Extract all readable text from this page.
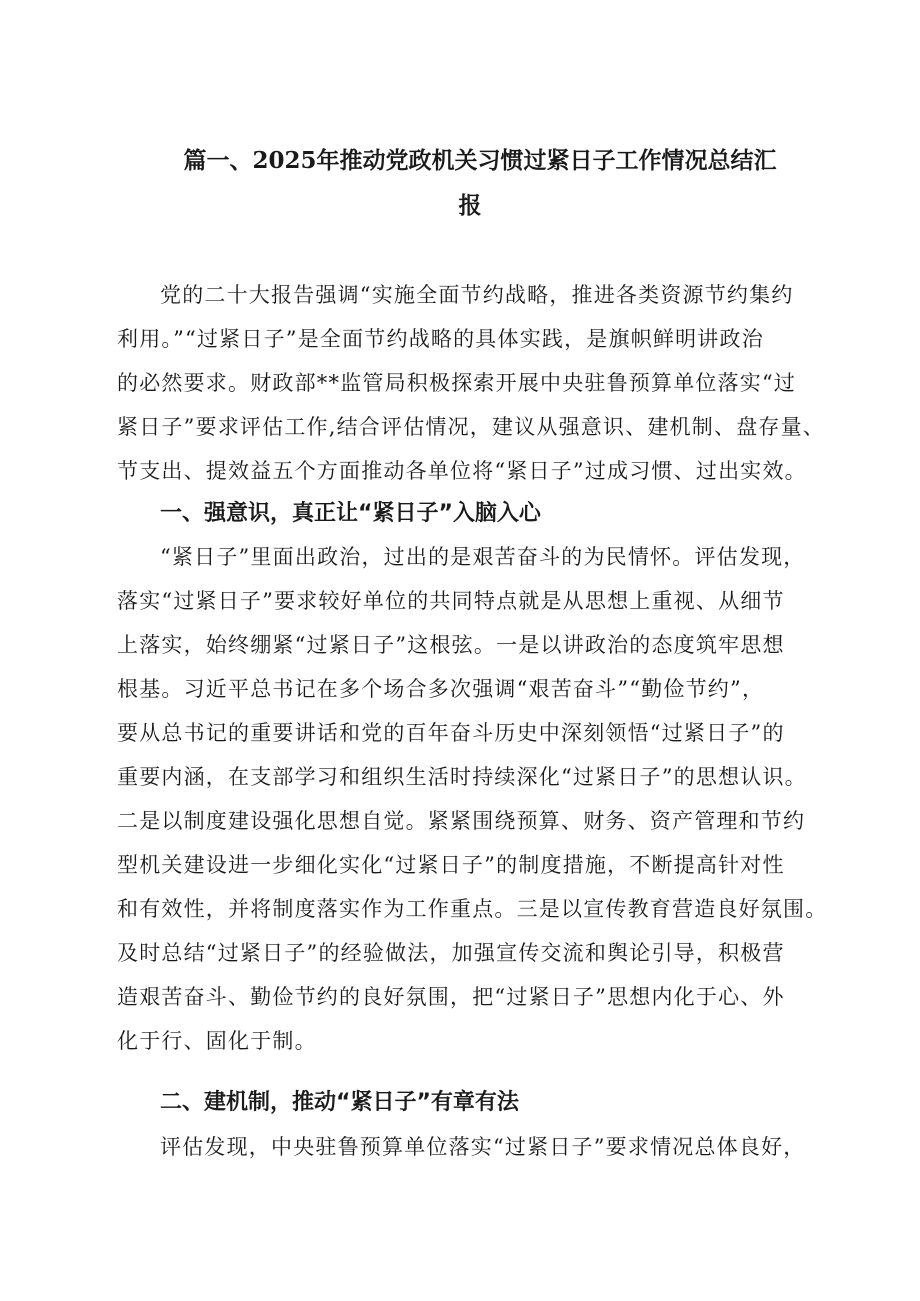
篇一、2025年推动党政机关习惯过紧日子工作情况总结汇
报
党的二十大报告强调“实施全面节约战略，推进各类资源节约集约
利用。”“过紧日子”是全面节约战略的具体实践，是旗帜鲜明讲政治
的必然要求。财政部**监管局积极探索开展中央驻鲁预算单位落实“过
紧日子”要求评估工作,结合评估情况，建议从强意识、建机制、盘存量、
节支出、提效益五个方面推动各单位将“紧日子”过成习惯、过出实效。
一、强意识，真正让“紧日子”入脑入心
“紧日子”里面出政治，过出的是艰苦奋斗的为民情怀。评估发现，
落实“过紧日子”要求较好单位的共同特点就是从思想上重视、从细节
上落实，始终绷紧“过紧日子”这根弦。一是以讲政治的态度筑牢思想
根基。习近平总书记在多个场合多次强调“艰苦奋斗”“勤俭节约”，
要从总书记的重要讲话和党的百年奋斗历史中深刻领悟“过紧日子”的
重要内涵，在支部学习和组织生活时持续深化“过紧日子”的思想认识。
二是以制度建设强化思想自觉。紧紧围绕预算、财务、资产管理和节约
型机关建设进一步细化实化“过紧日子”的制度措施，不断提高针对性
和有效性，并将制度落实作为工作重点。三是以宣传教育营造良好氛围。
及时总结“过紧日子”的经验做法，加强宣传交流和舆论引导，积极营
造艰苦奋斗、勤俭节约的良好氛围，把“过紧日子”思想内化于心、外
化于行、固化于制。
二、建机制，推动“紧日子”有章有法
评估发现，中央驻鲁预算单位落实“过紧日子”要求情况总体良好，
